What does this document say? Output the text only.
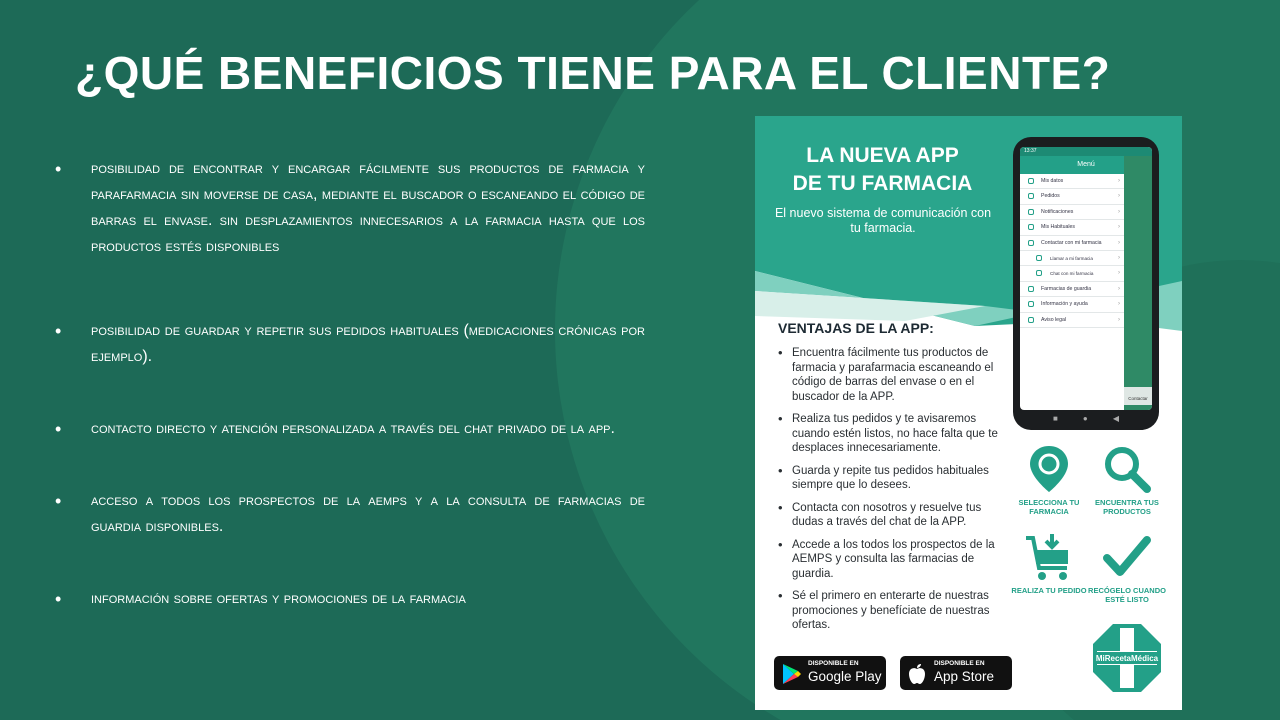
¿QUÉ BENEFICIOS TIENE PARA EL CLIENTE?
• posibilidad de encontrar y encargar fácilmente sus productos de farmacia y parafarmacia sin moverse de casa, mediante el buscador o escaneando el código de barras el envase. sin desplazamientos innecesarios a la farmacia hasta que los productos estés disponibles
• posibilidad de guardar y repetir sus pedidos habituales (medicaciones crónicas por ejemplo).
• contacto directo y atención personalizada a través del chat privado de la app.
• acceso a todos los prospectos de la aemps y a la consulta de farmacias de guardia disponibles.
• información sobre ofertas y promociones de la farmacia
LA NUEVA APP
DE TU FARMACIA
El nuevo sistema de comunicación con tu farmacia.
VENTAJAS DE LA APP:
• Encuentra fácilmente tus productos de farmacia y parafarmacia escaneando el código de barras del envase o en el buscador de la APP.
• Realiza tus pedidos y te avisaremos cuando estén listos, no hace falta que te desplaces innecesariamente.
• Guarda y repite tus pedidos habituales siempre que lo desees.
• Contacta con nosotros y resuelve tus dudas a través del chat de la APP.
• Accede a los todos los prospectos de la AEMPS y consulta las farmacias de guardia.
• Sé el primero en enterarte de nuestras promociones y benefíciate de nuestras ofertas.
13:37
Menú
Mis datos	›
Pedidos	›
Notificaciones	›
Mis Habituales	›
Contactar con mi farmacia	›
Llamar a mi farmacia	›
Chat con mi farmacia	›
Farmacias de guardia	›
Información y ayuda	›
Aviso legal	›
Contactar
■	●	◀
SELECCIONA TU FARMACIA
ENCUENTRA TUS PRODUCTOS
REALIZA TU PEDIDO RECÓGELO CUANDO ESTÉ LISTO
MiRecetaMédica
DISPONIBLE EN
Google Play
DISPONIBLE EN
App Store
